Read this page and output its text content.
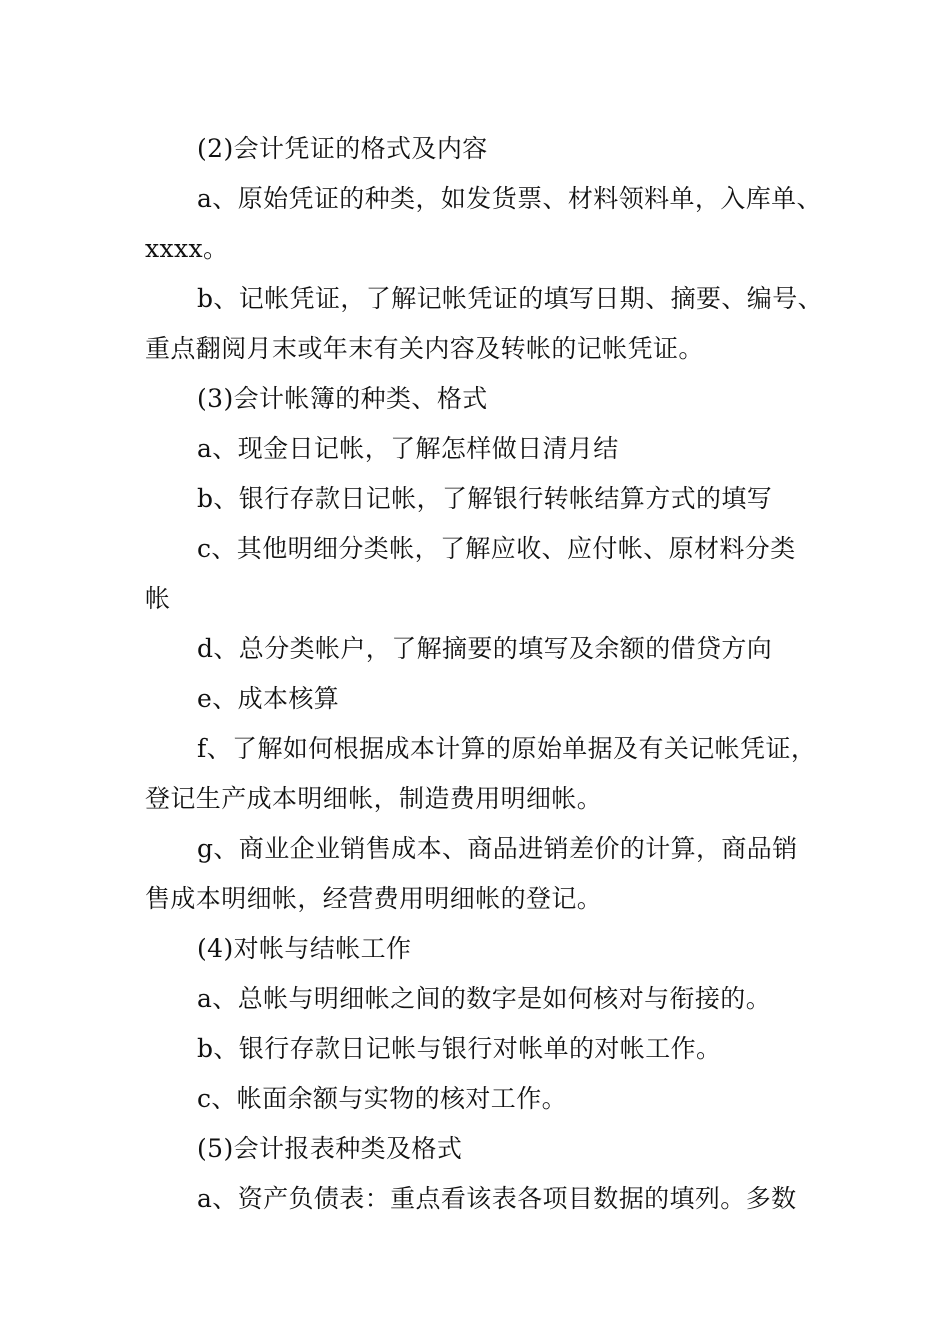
(2)会计凭证的格式及内容
a、原始凭证的种类，如发货票、材料领料单，入库单、
xxxx。
b、记帐凭证，了解记帐凭证的填写日期、摘要、编号、
重点翻阅月末或年末有关内容及转帐的记帐凭证。
(3)会计帐簿的种类、格式
a、现金日记帐，了解怎样做日清月结
b、银行存款日记帐，了解银行转帐结算方式的填写
c、其他明细分类帐，了解应收、应付帐、原材料分类
帐
d、总分类帐户，了解摘要的填写及余额的借贷方向
e、成本核算
f、了解如何根据成本计算的原始单据及有关记帐凭证，
登记生产成本明细帐，制造费用明细帐。
g、商业企业销售成本、商品进销差价的计算，商品销
售成本明细帐，经营费用明细帐的登记。
(4)对帐与结帐工作
a、总帐与明细帐之间的数字是如何核对与衔接的。
b、银行存款日记帐与银行对帐单的对帐工作。
c、帐面余额与实物的核对工作。
(5)会计报表种类及格式
a、资产负债表：重点看该表各项目数据的填列。多数
